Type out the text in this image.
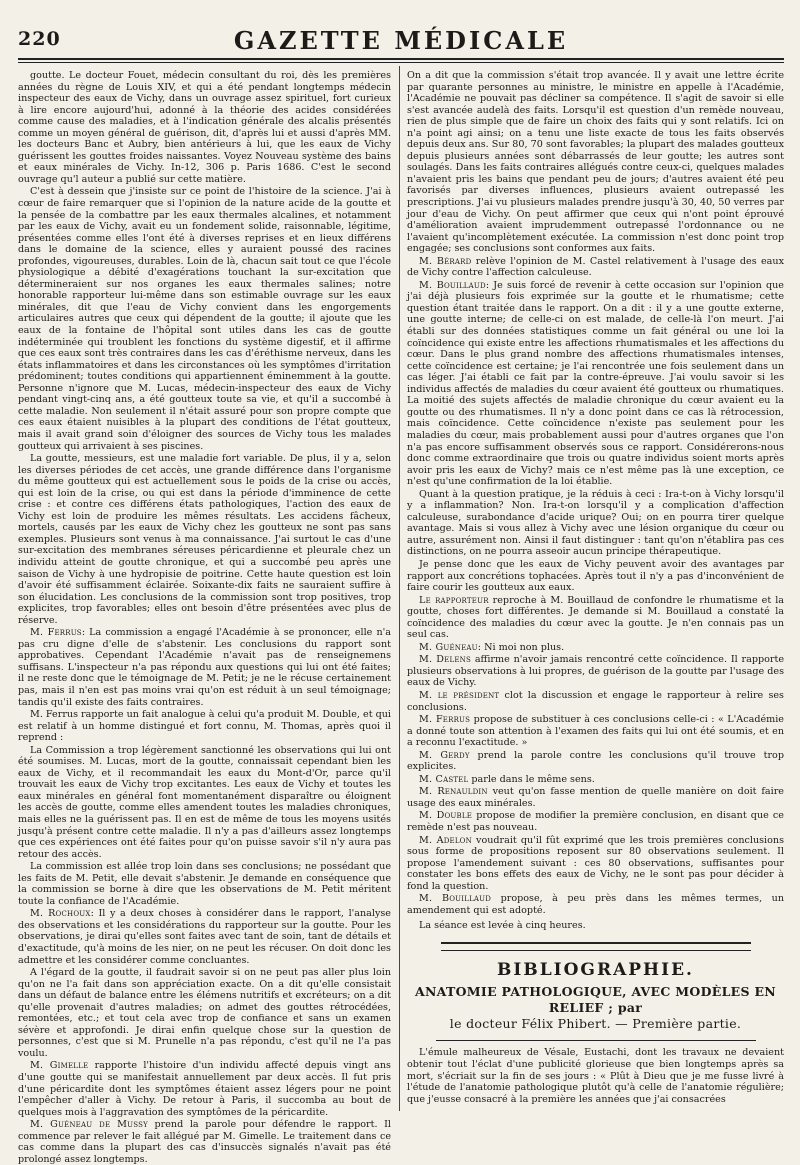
220	GAZETTE MÉDICALE

goutte. Le docteur Fouet, médecin consultant du roi, dès les premières années du règne de Louis XIV, et qui a été pendant longtemps médecin inspecteur des eaux de Vichy, dans un ouvrage assez spirituel, fort curieux à lire encore aujourd'hui, adonné à la théorie des acides considérées comme cause des maladies, et à l'indication générale des alcalis présentés comme un moyen général de guérison, dit, d'après lui et aussi d'après MM. les docteurs Banc et Aubry, bien antérieurs à lui, que les eaux de Vichy guérissent les gouttes froides naissantes. Voyez Nouveau système des bains et eaux minérales de Vichy. In-12, 306 p. Paris 1686. C'est le second ouvrage qu'l auteur a publié sur cette matière.

C'est à dessein que j'insiste sur ce point de l'histoire de la science. J'ai à cœur de faire remarquer que si l'opinion de la nature acide de la goutte et la pensée de la combattre par les eaux thermales alcalines, et notamment par les eaux de Vichy, avait eu un fondement solide, raisonnable, légitime, présentées comme elles l'ont été à diverses reprises et en lieux différens dans le domaine de la science, elles y auraient poussé des racines profondes, vigoureuses, durables. Loin de là, chacun sait tout ce que l'école physiologique a débité d'exagérations touchant la sur-excitation que détermineraient sur nos organes les eaux thermales salines; notre honorable rapporteur lui-même dans son estimable ouvrage sur les eaux minérales, dit que l'eau de Vichy convient dans les engorgements articulaires autres que ceux qui dépendent de la goutte; il ajoute que les eaux de la fontaine de l'hôpital sont utiles dans les cas de goutte indéterminée qui troublent les fonctions du système digestif, et il affirme que ces eaux sont très contraires dans les cas d'éréthisme nerveux, dans les états inflammatoires et dans les circonstances où les symptômes d'irritation prédominent; toutes conditions qui appartiennent éminemment à la goutte. Personne n'ignore que M. Lucas, médecin-inspecteur des eaux de Vichy pendant vingt-cinq ans, a été goutteux toute sa vie, et qu'il a succombé à cette maladie. Non seulement il n'était assuré pour son propre compte que ces eaux étaient nuisibles à la plupart des conditions de l'état goutteux, mais il avait grand soin d'éloigner des sources de Vichy tous les malades goutteux qui arrivaient à ses piscines.

La goutte, messieurs, est une maladie fort variable. De plus, il y a, selon les diverses périodes de cet accès, une grande différence dans l'organisme du même goutteux qui est actuellement sous le poids de la crise ou accès, qui est loin de la crise, ou qui est dans la période d'imminence de cette crise : et contre ces différens états pathologiques, l'action des eaux de Vichy est loin de produire les mêmes résultats. Les accidens fâcheux, mortels, causés par les eaux de Vichy chez les goutteux ne sont pas sans exemples. Plusieurs sont venus à ma connaissance. J'ai surtout le cas d'une sur-excitation des membranes séreuses péricardienne et pleurale chez un individu atteint de goutte chronique, et qui a succombé peu après une saison de Vichy à une hydropisie de poitrine. Cette haute question est loin d'avoir été suffisamment éclairée. Soixante-dix faits ne sauraient suffire à son élucidation. Les conclusions de la commission sont trop positives, trop explicites, trop favorables; elles ont besoin d'être présentées avec plus de réserve.

M. Ferrus: La commission a engagé l'Académie à se prononcer, elle n'a pas cru digne d'elle de s'abstenir. Les conclusions du rapport sont approbatives. Cependant l'Académie n'avait pas de renseignemens suffisans. L'inspecteur n'a pas répondu aux questions qui lui ont été faites; il ne reste donc que le témoignage de M. Petit; je ne le récuse certainement pas, mais il n'en est pas moins vrai qu'on est réduit à un seul témoignage; tandis qu'il existe des faits contraires.

M. Ferrus rapporte un fait analogue à celui qu'a produit M. Double, et qui est relatif à un homme distingué et fort connu, M. Thomas, après quoi il reprend :

La Commission a trop légèrement sanctionné les observations qui lui ont été soumises. M. Lucas, mort de la goutte, connaissait cependant bien les eaux de Vichy, et il recommandait les eaux du Mont-d'Or, parce qu'il trouvait les eaux de Vichy trop excitantes. Les eaux de Vichy et toutes les eaux minérales en général font momentanément disparaître ou éloignent les accès de goutte, comme elles amendent toutes les maladies chroniques, mais elles ne la guérissent pas. Il en est de même de tous les moyens usités jusqu'à présent contre cette maladie. Il n'y a pas d'ailleurs assez longtemps que ces expériences ont été faites pour qu'on puisse savoir s'il n'y aura pas retour des accès.

La commission est allée trop loin dans ses conclusions; ne possédant que les faits de M. Petit, elle devait s'abstenir. Je demande en conséquence que la commission se borne à dire que les observations de M. Petit méritent toute la confiance de l'Académie.

M. Rochoux: Il y a deux choses à considérer dans le rapport, l'analyse des observations et les considérations du rapporteur sur la goutte. Pour les observations, je dirai qu'elles sont faites avec tant de soin, tant de détails et d'exactitude, qu'à moins de les nier, on ne peut les récuser. On doit donc les admettre et les considérer comme concluantes.

A l'égard de la goutte, il faudrait savoir si on ne peut pas aller plus loin qu'on ne l'a fait dans son appréciation exacte. On a dit qu'elle consistait dans un défaut de balance entre les élémens nutritifs et excréteurs; on a dit qu'elle provenait d'autres maladies; on admet des gouttes rétrocédées, remontées, etc.; et tout cela avec trop de confiance et sans un examen sévère et approfondi. Je dirai enfin quelque chose sur la question de personnes, c'est que si M. Prunelle n'a pas répondu, c'est qu'il ne l'a pas voulu.

M. Gimelle rapporte l'histoire d'un individu affecté depuis vingt ans d'une goutte qui se manifestait annuellement par deux accès. Il fut pris d'une péricardite dont les symptômes étaient assez légers pour ne point l'empêcher d'aller à Vichy. De retour à Paris, il succomba au bout de quelques mois à l'aggravation des symptômes de la péricardite.

M. Guéneau de Mussy prend la parole pour défendre le rapport. Il commence par relever le fait allégué par M. Gimelle. Le traitement dans ce cas comme dans la plupart des cas d'insuccès signalés n'avait pas été prolongé assez longtemps.

On a dit que la commission s'était trop avancée. Il y avait une lettre écrite par quarante personnes au ministre, le ministre en appelle à l'Académie, l'Académie ne pouvait pas décliner sa compétence. Il s'agit de savoir si elle s'est avancée audelà des faits. Lorsqu'il est question d'un remède nouveau, rien de plus simple que de faire un choix des faits qui y sont relatifs. Ici on n'a point agi ainsi; on a tenu une liste exacte de tous les faits observés depuis deux ans. Sur 80, 70 sont favorables; la plupart des malades goutteux depuis plusieurs années sont débarrassés de leur goutte; les autres sont soulagés. Dans les faits contraires allégués contre ceux-ci, quelques malades n'avaient pris les bains que pendant peu de jours; d'autres avaient été peu favorisés par diverses influences, plusieurs avaient outrepassé les prescriptions. J'ai vu plusieurs malades prendre jusqu'à 30, 40, 50 verres par jour d'eau de Vichy. On peut affirmer que ceux qui n'ont point éprouvé d'amélioration avaient imprudemment outrepassé l'ordonnance ou ne l'avaient qu'incomplètement exécutée. La commission n'est donc point trop engagée; ses conclusions sont conformes aux faits.

M. Bérard relève l'opinion de M. Castel relativement à l'usage des eaux de Vichy contre l'affection calculeuse.

M. Bouillaud: Je suis forcé de revenir à cette occasion sur l'opinion que j'ai déjà plusieurs fois exprimée sur la goutte et le rhumatisme; cette question étant traitée dans le rapport. On a dit : il y a une goutte externe, une goutte interne; de celle-ci on est malade, de celle-là l'on meurt. J'ai établi sur des données statistiques comme un fait général ou une loi la coïncidence qui existe entre les affections rhumatismales et les affections du cœur. Dans le plus grand nombre des affections rhumatismales intenses, cette coïncidence est certaine; je l'ai rencontrée une fois seulement dans un cas léger. J'ai établi ce fait par la contre-épreuve. J'ai voulu savoir si les individus affectés de maladies du cœur avaient été goutteux ou rhumatiques. La moitié des sujets affectés de maladie chronique du cœur avaient eu la goutte ou des rhumatismes. Il n'y a donc point dans ce cas là rétrocession, mais coïncidence. Cette coïncidence n'existe pas seulement pour les maladies du cœur, mais probablement aussi pour d'autres organes que l'on n'a pas encore suffisamment observés sous ce rapport. Considérerons-nous donc comme extraordinaire que trois ou quatre individus soient morts après avoir pris les eaux de Vichy? mais ce n'est même pas là une exception, ce n'est qu'une confirmation de la loi établie.

Quant à la question pratique, je la réduis à ceci : Ira-t-on à Vichy lorsqu'il y a inflammation? Non. Ira-t-on lorsqu'il y a complication d'affection calculeuse, surabondance d'acide urique? Oui; on en pourra tirer quelque avantage. Mais si vous allez à Vichy avec une lésion organique du cœur ou autre, assurément non. Ainsi il faut distinguer : tant qu'on n'établira pas ces distinctions, on ne pourra asseoir aucun principe thérapeutique.

Je pense donc que les eaux de Vichy peuvent avoir des avantages par rapport aux concrétions tophacées. Après tout il n'y a pas d'inconvénient de faire courir les goutteux aux eaux.

Le rapporteur reproche à M. Bouillaud de confondre le rhumatisme et la goutte, choses fort différentes. Je demande si M. Bouillaud a constaté la coïncidence des maladies du cœur avec la goutte. Je n'en connais pas un seul cas.

M. Guéneau: Ni moi non plus.

M. Delens affirme n'avoir jamais rencontré cette coïncidence. Il rapporte plusieurs observations à lui propres, de guérison de la goutte par l'usage des eaux de Vichy.

M. le président clot la discussion et engage le rapporteur à relire ses conclusions.

M. Ferrus propose de substituer à ces conclusions celle-ci : « L'Académie a donné toute son attention à l'examen des faits qui lui ont été soumis, et en a reconnu l'exactitude. »

M. Gerdy prend la parole contre les conclusions qu'il trouve trop explicites.

M. Castel parle dans le même sens.

M. Renauldin veut qu'on fasse mention de quelle manière on doit faire usage des eaux minérales.

M. Double propose de modifier la première conclusion, en disant que ce remède n'est pas nouveau.

M. Adelon voudrait qu'il fût exprimé que les trois premières conclusions sous forme de propositions reposent sur 80 observations seulement. Il propose l'amendement suivant : ces 80 observations, suffisantes pour constater les bons effets des eaux de Vichy, ne le sont pas pour décider à fond la question.

M. Bouillaud propose, à peu près dans les mêmes termes, un amendement qui est adopté.

La séance est levée à cinq heures.

BIBLIOGRAPHIE.
ANATOMIE PATHOLOGIQUE, AVEC MODÈLES EN RELIEF ; par
le docteur Félix Phibert. — Première partie.

L'émule malheureux de Vésale, Eustachi, dont les travaux ne devaient obtenir tout l'éclat d'une publicité glorieuse que bien longtemps après sa mort, s'écriait sur la fin de ses jours : « Plût à Dieu que je me fusse livré à l'étude de l'anatomie pathologique plutôt qu'à celle de l'anatomie régulière; que j'eusse consacré à la première les années que j'ai consacrées
